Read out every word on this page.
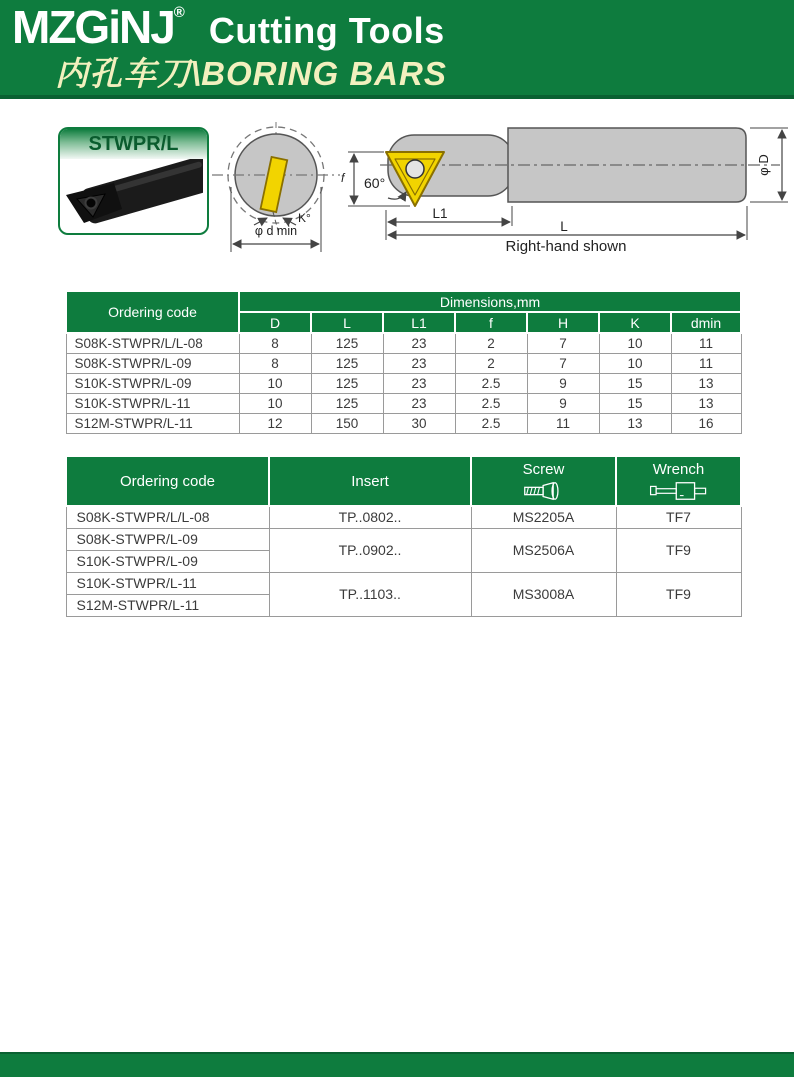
MZGiNJ® Cutting Tools
内孔车刀\BORING BARS
STWPR/L
K°
φ d min
60°
f
L1
L
φ D
Right-hand shown
Ordering code	Dimensions,mm						
	D	L	L1	f	H	K	dmin
S08K-STWPR/L/L-08	8	125	23	2	7	10	11
S08K-STWPR/L-09	8	125	23	2	7	10	11
S10K-STWPR/L-09	10	125	23	2.5	9	15	13
S10K-STWPR/L-11	10	125	23	2.5	9	15	13
S12M-STWPR/L-11	12	150	30	2.5	11	13	16
Ordering code	Insert	Screw	Wrench

S08K-STWPR/L/L-08	TP..0802..	MS2205A	TF7
S08K-STWPR/L-09	TP..0902..	MS2506A	TF9
S10K-STWPR/L-09			
S10K-STWPR/L-11	TP..1103..	MS3008A	TF9
S12M-STWPR/L-11			
